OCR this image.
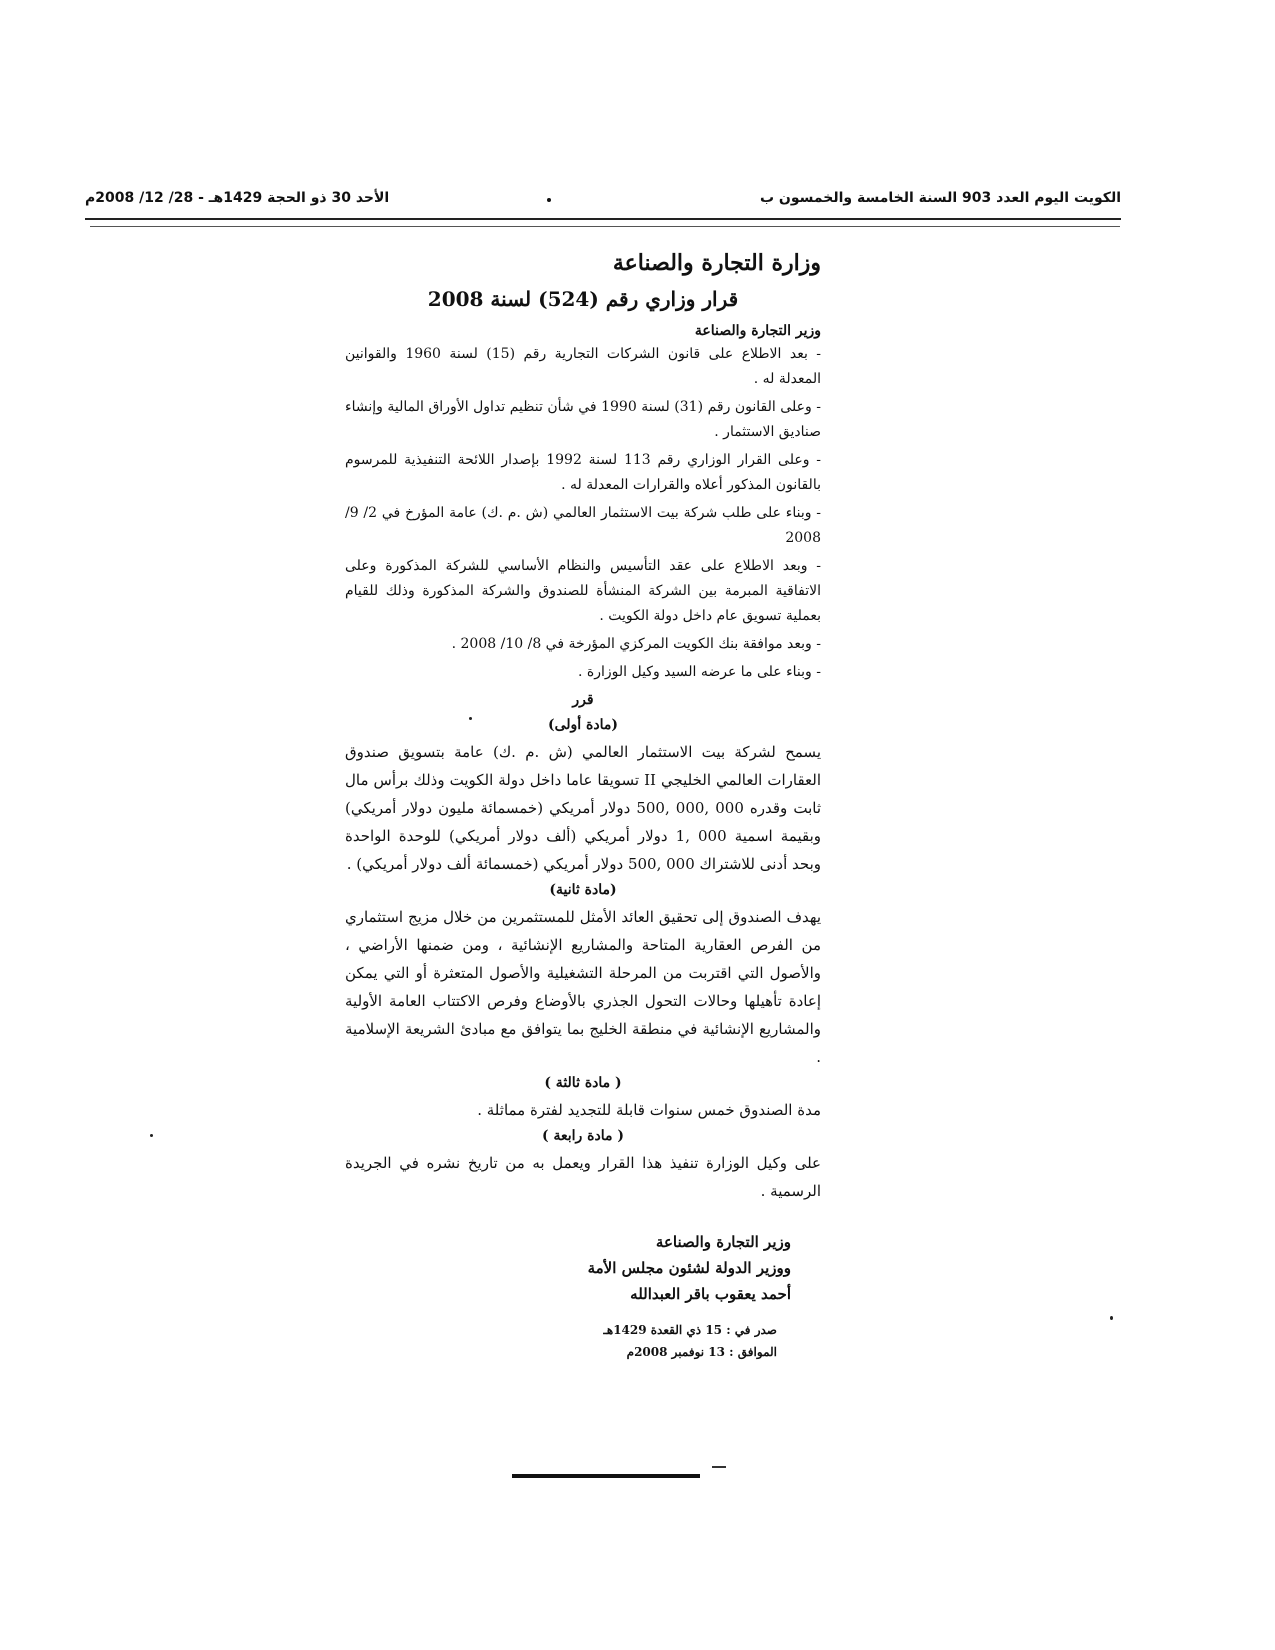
الكويت اليوم العدد 903 السنة الخامسة والخمسون ب
الأحد 30 ذو الحجة 1429هـ - 28/ 12/ 2008م
وزارة التجارة والصناعة
قرار وزاري رقم (524) لسنة 2008
وزير التجارة والصناعة

- بعد الاطلاع على قانون الشركات التجارية رقم (15) لسنة 1960 والقوانين المعدلة له .

- وعلى القانون رقم (31) لسنة 1990 في شأن تنظيم تداول الأوراق المالية وإنشاء صناديق الاستثمار .

- وعلى القرار الوزاري رقم 113 لسنة 1992 بإصدار اللائحة التنفيذية للمرسوم بالقانون المذكور أعلاه والقرارات المعدلة له .

- وبناء على طلب شركة بيت الاستثمار العالمي (ش .م .ك) عامة المؤرخ في 2/ 9/ 2008

- وبعد الاطلاع على عقد التأسيس والنظام الأساسي للشركة المذكورة وعلى الاتفاقية المبرمة بين الشركة المنشأة للصندوق والشركة المذكورة وذلك للقيام بعملية تسويق عام داخل دولة الكويت .

- وبعد موافقة بنك الكويت المركزي المؤرخة في 8/ 10/ 2008 .

- وبناء على ما عرضه السيد وكيل الوزارة .

قرر

(مادة أولى)

يسمح لشركة بيت الاستثمار العالمي (ش .م .ك) عامة بتسويق صندوق العقارات العالمي الخليجي II تسويقا عاما داخل دولة الكويت وذلك برأس مال ثابت وقدره 000 ,000 ,500 دولار أمريكي (خمسمائة مليون دولار أمريكي) وبقيمة اسمية 000 ,1 دولار أمريكي (ألف دولار أمريكي) للوحدة الواحدة وبحد أدنى للاشتراك 000 ,500 دولار أمريكي (خمسمائة ألف دولار أمريكي) .

(مادة ثانية)

يهدف الصندوق إلى تحقيق العائد الأمثل للمستثمرين من خلال مزيج استثماري من الفرص العقارية المتاحة والمشاريع الإنشائية ، ومن ضمنها الأراضي ، والأصول التي اقتربت من المرحلة التشغيلية والأصول المتعثرة أو التي يمكن إعادة تأهيلها وحالات التحول الجذري بالأوضاع وفرص الاكتتاب العامة الأولية والمشاريع الإنشائية في منطقة الخليج بما يتوافق مع مبادئ الشريعة الإسلامية .

( مادة ثالثة )

مدة الصندوق خمس سنوات قابلة للتجديد لفترة مماثلة .

( مادة رابعة )

على وكيل الوزارة تنفيذ هذا القرار ويعمل به من تاريخ نشره في الجريدة الرسمية .

وزير التجارة والصناعة
ووزير الدولة لشئون مجلس الأمة
أحمد يعقوب باقر العبدالله
صدر في : 15 ذي القعدة 1429هـ
الموافق : 13 نوفمبر 2008م
